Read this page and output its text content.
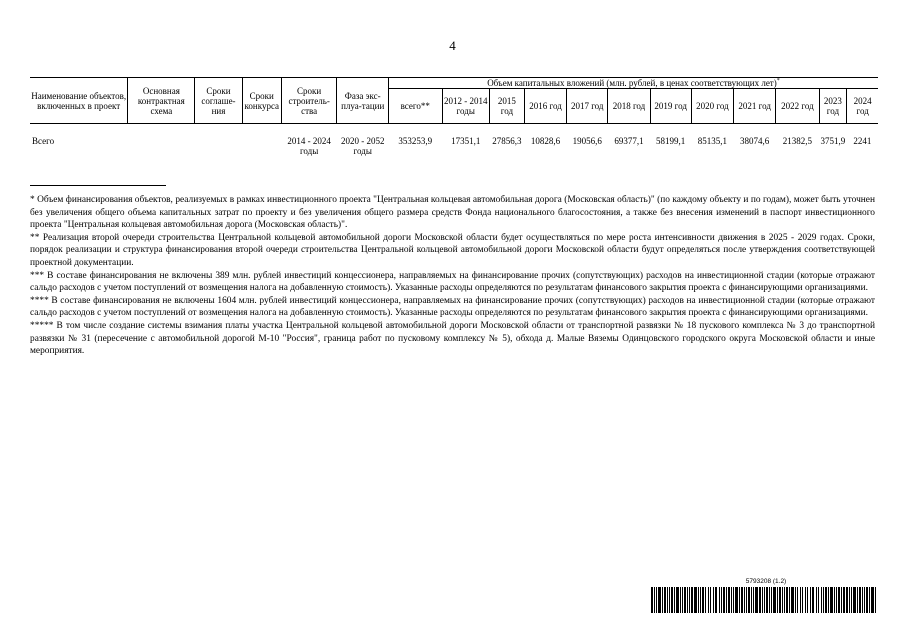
4
Наименование объектов, включенных в проект	Основная контрактная схема	Сроки соглаше-ния	Сроки конкурса	Сроки строитель-ства	Фаза экс-плуа-тации	Объем капитальных вложений (млн. рублей, в ценах соответствующих лет)*
						всего**	2012 - 2014 годы	2015 год	2016 год	2017 год	2018 год	2019 год	2020 год	2021 год	2022 год	2023 год	2024 год
Всего				2014 - 2024 годы	2020 - 2052 годы	353253,9	17351,1	27856,3	10828,6	19056,6	69377,1	58199,1	85135,1	38074,6	21382,5	3751,9	2241

* Объем финансирования объектов, реализуемых в рамках инвестиционного проекта "Центральная кольцевая автомобильная дорога (Московская область)" (по каждому объекту и по годам), может быть уточнен без увеличения общего объема капитальных затрат по проекту и без увеличения общего размера средств Фонда национального благосостояния, а также без внесения изменений в паспорт инвестиционного проекта "Центральная кольцевая автомобильная дорога (Московская область)".

** Реализация второй очереди строительства Центральной кольцевой автомобильной дороги Московской области будет осуществляться по мере роста интенсивности движения в 2025 - 2029 годах. Сроки, порядок реализации и структура финансирования второй очереди строительства Центральной кольцевой автомобильной дороги Московской области будут определяться после утверждения соответствующей проектной документации.

*** В составе финансирования не включены 389 млн. рублей инвестиций концессионера, направляемых на финансирование прочих (сопутствующих) расходов на инвестиционной стадии (которые отражают сальдо расходов с учетом поступлений от возмещения налога на добавленную стоимость). Указанные расходы определяются по результатам финансового закрытия проекта с финансирующими организациями.

**** В составе финансирования не включены 1604 млн. рублей инвестиций концессионера, направляемых на финансирование прочих (сопутствующих) расходов на инвестиционной стадии (которые отражают сальдо расходов с учетом поступлений от возмещения налога на добавленную стоимость). Указанные расходы определяются по результатам финансового закрытия проекта с финансирующими организациями.

***** В том числе создание системы взимания платы участка Центральной кольцевой автомобильной дороги Московской области от транспортной развязки № 18 пускового комплекса № 3 до транспортной развязки № 31 (пересечение с автомобильной дорогой М-10 "Россия", граница работ по пусковому комплексу № 5), обхода д. Малые Вяземы Одинцовского городского округа Московской области и иные мероприятия.

5793208 (1.2)
